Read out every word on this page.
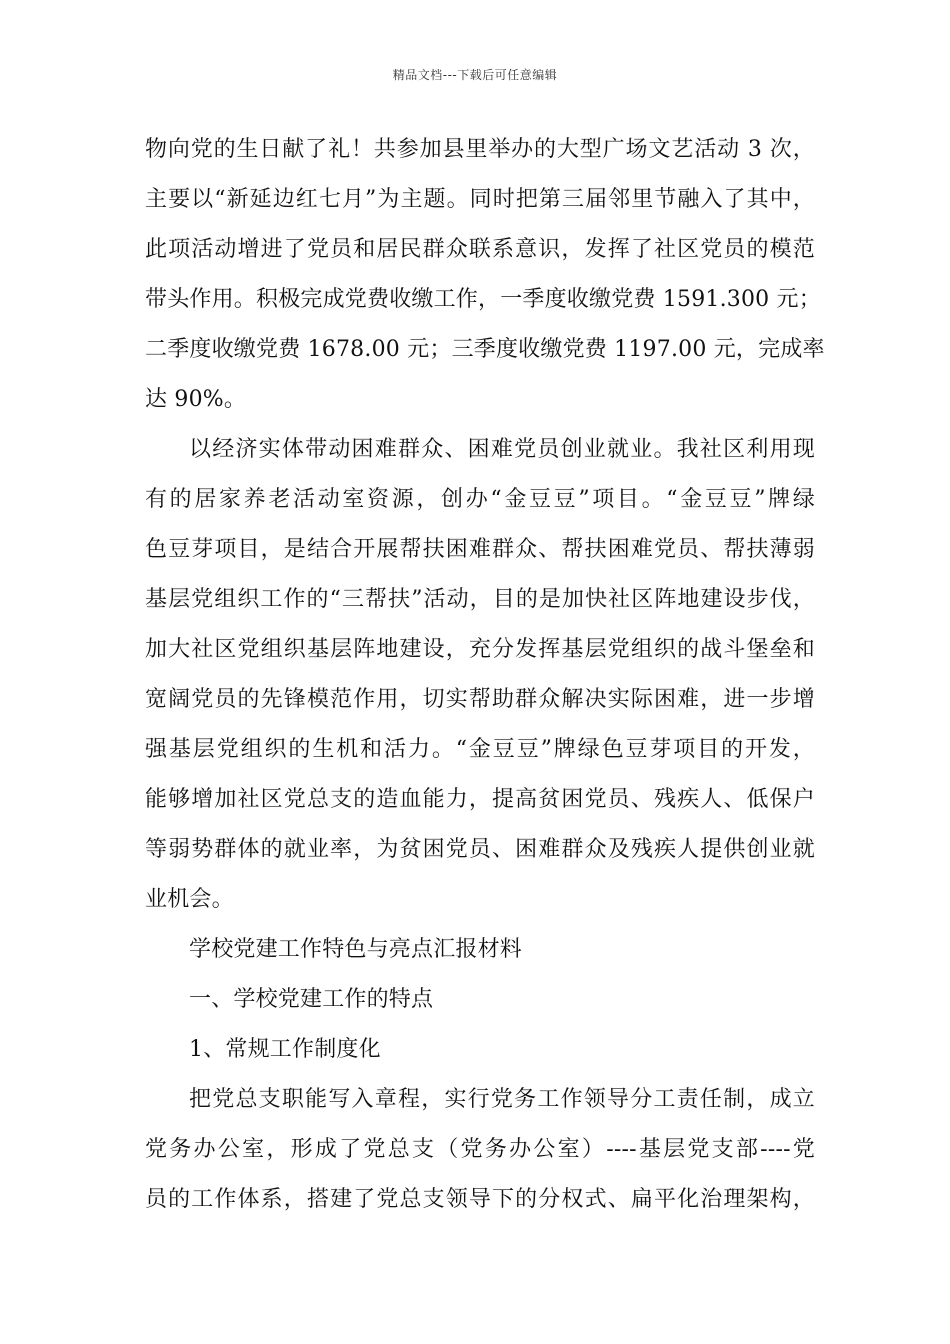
精品文档---下载后可任意编辑
物向党的生日献了礼！共参加县里举办的大型广场文艺活动 3 次，
主要以“新延边红七月”为主题。同时把第三届邻里节融入了其中，
此项活动增进了党员和居民群众联系意识，发挥了社区党员的模范
带头作用。积极完成党费收缴工作，一季度收缴党费 1591.300 元；
二季度收缴党费 1678.00 元；三季度收缴党费 1197.00 元，完成率
达 90%。
以经济实体带动困难群众、困难党员创业就业。我社区利用现
有的居家养老活动室资源，创办“金豆豆”项目。“金豆豆”牌绿
色豆芽项目，是结合开展帮扶困难群众、帮扶困难党员、帮扶薄弱
基层党组织工作的“三帮扶”活动，目的是加快社区阵地建设步伐，
加大社区党组织基层阵地建设，充分发挥基层党组织的战斗堡垒和
宽阔党员的先锋模范作用，切实帮助群众解决实际困难，进一步增
强基层党组织的生机和活力。“金豆豆”牌绿色豆芽项目的开发，
能够增加社区党总支的造血能力，提高贫困党员、残疾人、低保户
等弱势群体的就业率，为贫困党员、困难群众及残疾人提供创业就
业机会。
学校党建工作特色与亮点汇报材料
一、学校党建工作的特点
1、常规工作制度化
把党总支职能写入章程，实行党务工作领导分工责任制，成立
党务办公室，形成了党总支（党务办公室）----基层党支部----党
员的工作体系，搭建了党总支领导下的分权式、扁平化治理架构，
